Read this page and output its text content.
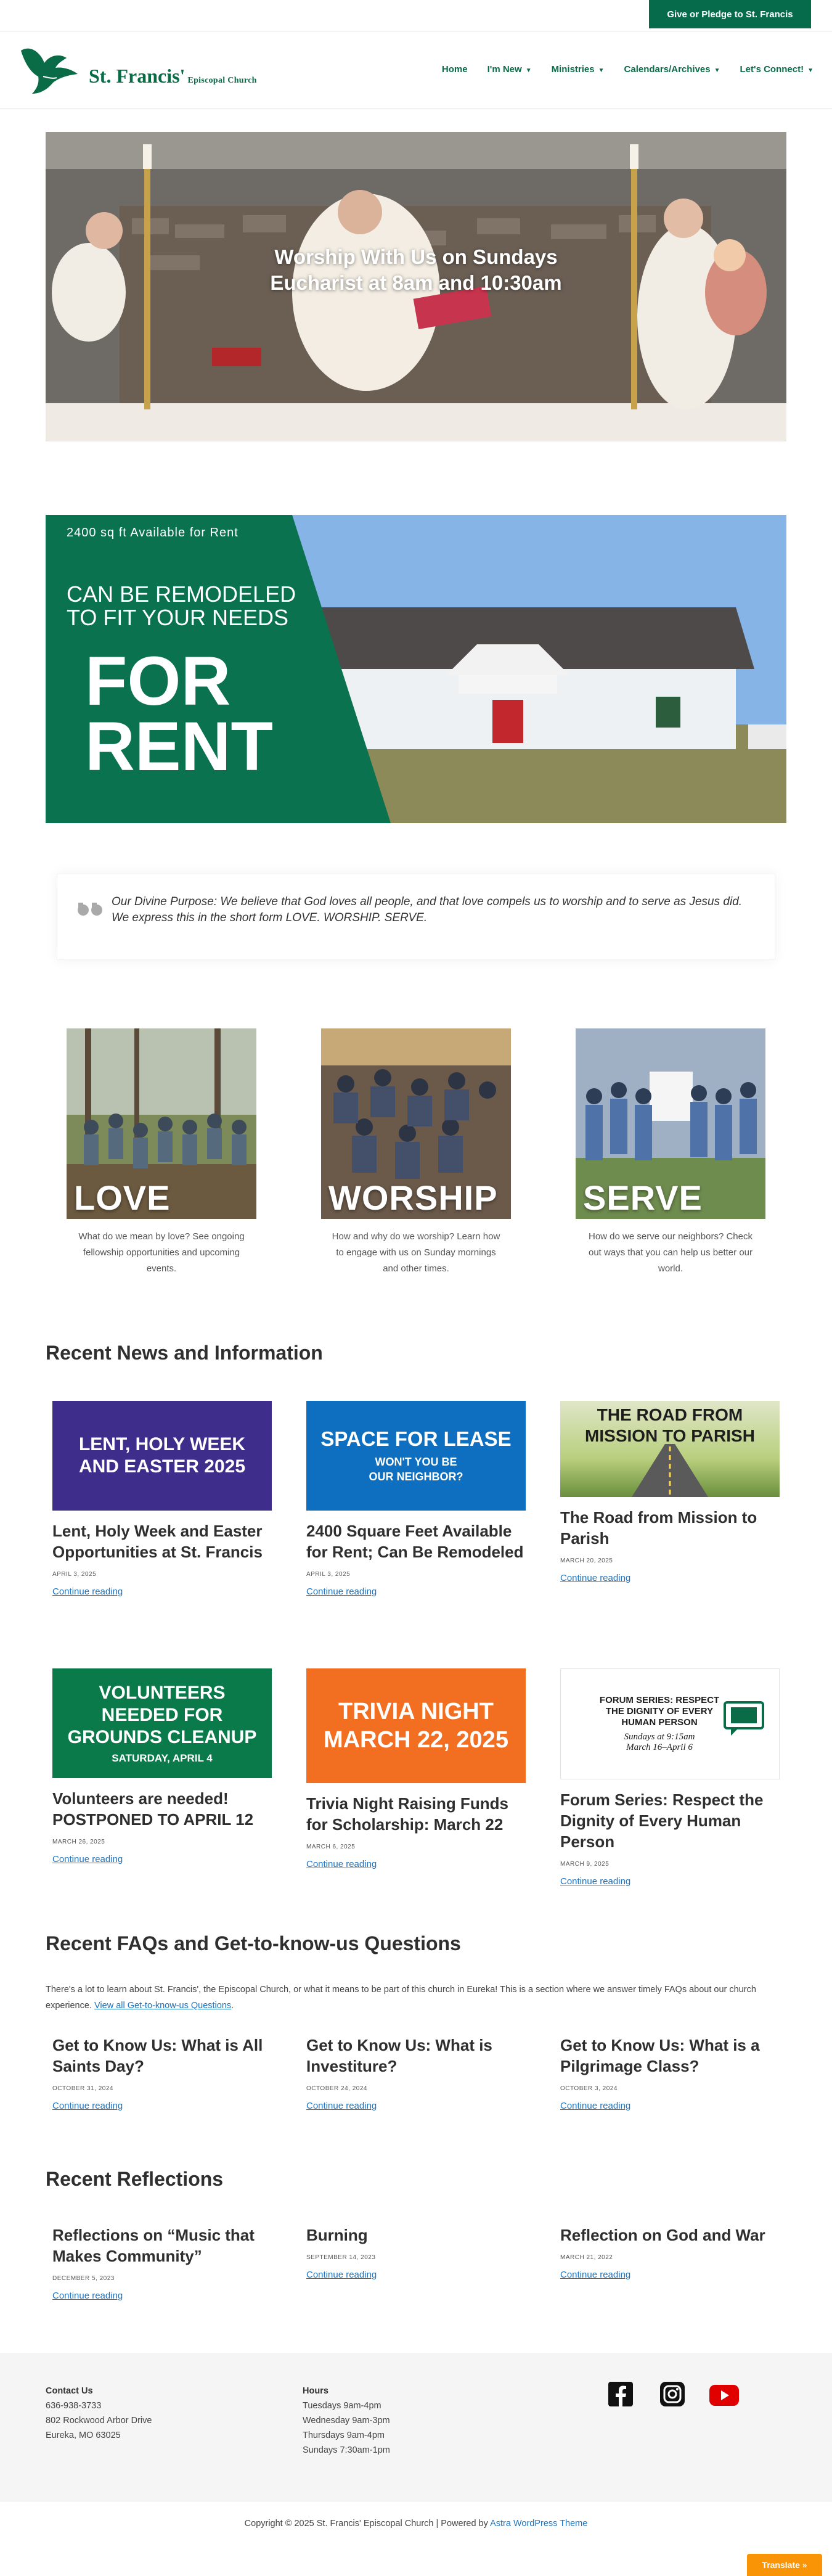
Give or Pledge to St. Francis
St. Francis' Episcopal Church
Home I'm New ▼ Ministries ▼ Calendars/Archives ▼ Let's Connect! ▼
Worship With Us on Sundays
Eucharist at 8am and 10:30am
2400 sq ft Available for Rent
CAN BE REMODELED
TO FIT YOUR NEEDS
FOR
RENT
Our Divine Purpose: We believe that God loves all people, and that love compels us to worship and to serve as Jesus did. We express this in the short form LOVE. WORSHIP. SERVE.
LOVE
What do we mean by love? See ongoing fellowship opportunities and upcoming events.
WORSHIP
How and why do we worship? Learn how to engage with us on Sunday mornings and other times.
SERVE
How do we serve our neighbors? Check out ways that you can help us better our world.
Recent News and Information
LENT, HOLY WEEK AND EASTER 2025
Lent, Holy Week and Easter Opportunities at St. Francis
APRIL 3, 2025
Continue reading
SPACE FOR LEASE
WON'T YOU BE OUR NEIGHBOR?
2400 Square Feet Available for Rent; Can Be Remodeled
APRIL 3, 2025
Continue reading
THE ROAD FROM MISSION TO PARISH
The Road from Mission to Parish
MARCH 20, 2025
Continue reading
VOLUNTEERS NEEDED FOR GROUNDS CLEANUP
SATURDAY, APRIL 4
Volunteers are needed! POSTPONED TO APRIL 12
MARCH 26, 2025
Continue reading
TRIVIA NIGHT MARCH 22, 2025
Trivia Night Raising Funds for Scholarship: March 22
MARCH 6, 2025
Continue reading
FORUM SERIES: RESPECT THE DIGNITY OF EVERY HUMAN PERSON
Sundays at 9:15am
March 16–April 6
Forum Series: Respect the Dignity of Every Human Person
MARCH 9, 2025
Continue reading
Recent FAQs and Get-to-know-us Questions
There's a lot to learn about St. Francis', the Episcopal Church, or what it means to be part of this church in Eureka! This is a section where we answer timely FAQs about our church experience. View all Get-to-know-us Questions.
Get to Know Us: What is All Saints Day?
OCTOBER 31, 2024
Continue reading
Get to Know Us: What is Investiture?
OCTOBER 24, 2024
Continue reading
Get to Know Us: What is a Pilgrimage Class?
OCTOBER 3, 2024
Continue reading
Recent Reflections
Reflections on “Music that Makes Community”
DECEMBER 5, 2023
Continue reading
Burning
SEPTEMBER 14, 2023
Continue reading
Reflection on God and War
MARCH 21, 2022
Continue reading
Contact Us
636-938-3733
802 Rockwood Arbor Drive
Eureka, MO 63025
Hours
Tuesdays 9am-4pm
Wednesday 9am-3pm
Thursdays 9am-4pm
Sundays 7:30am-1pm
Copyright © 2025 St. Francis' Episcopal Church | Powered by Astra WordPress Theme
Translate »
